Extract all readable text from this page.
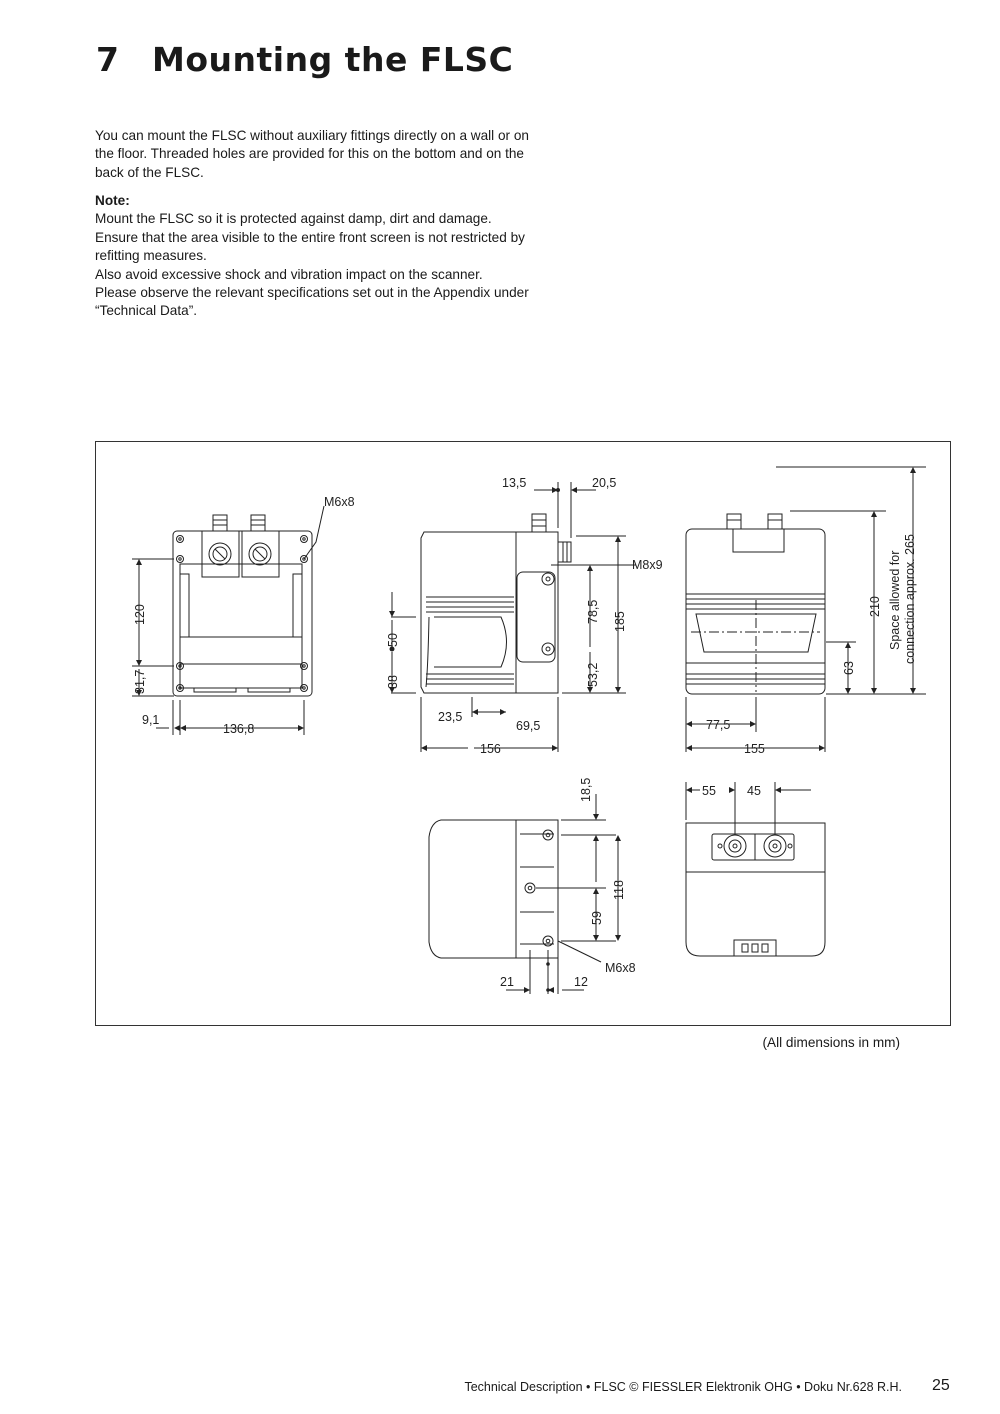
7 Mounting the FLSC
You can mount the FLSC without auxiliary fittings directly on a wall or on the floor. Threaded holes are provided for this on the bottom and on the back of the FLSC.
Note:
Mount the FLSC so it is protected against damp, dirt and damage.
Ensure that the area visible to the entire front screen is not restricted by refitting measures.
Also avoid excessive shock and vibration impact on the scanner.
Please observe the relevant specifications set out in the Appendix under “Technical Data”.
M6x8
120
31,7
9,1
136,8
13,5	20,5
M8x9
78,5 185
53,2
50
38
23,5
69,5
156
210 Space allowed for connection approx. 265
63
77,5
155
18,5
118
59
M6x8
21	12
55 45
(All dimensions in mm)
Technical Description • FLSC © FIESSLER Elektronik OHG • Doku Nr.628 R.H. 25
